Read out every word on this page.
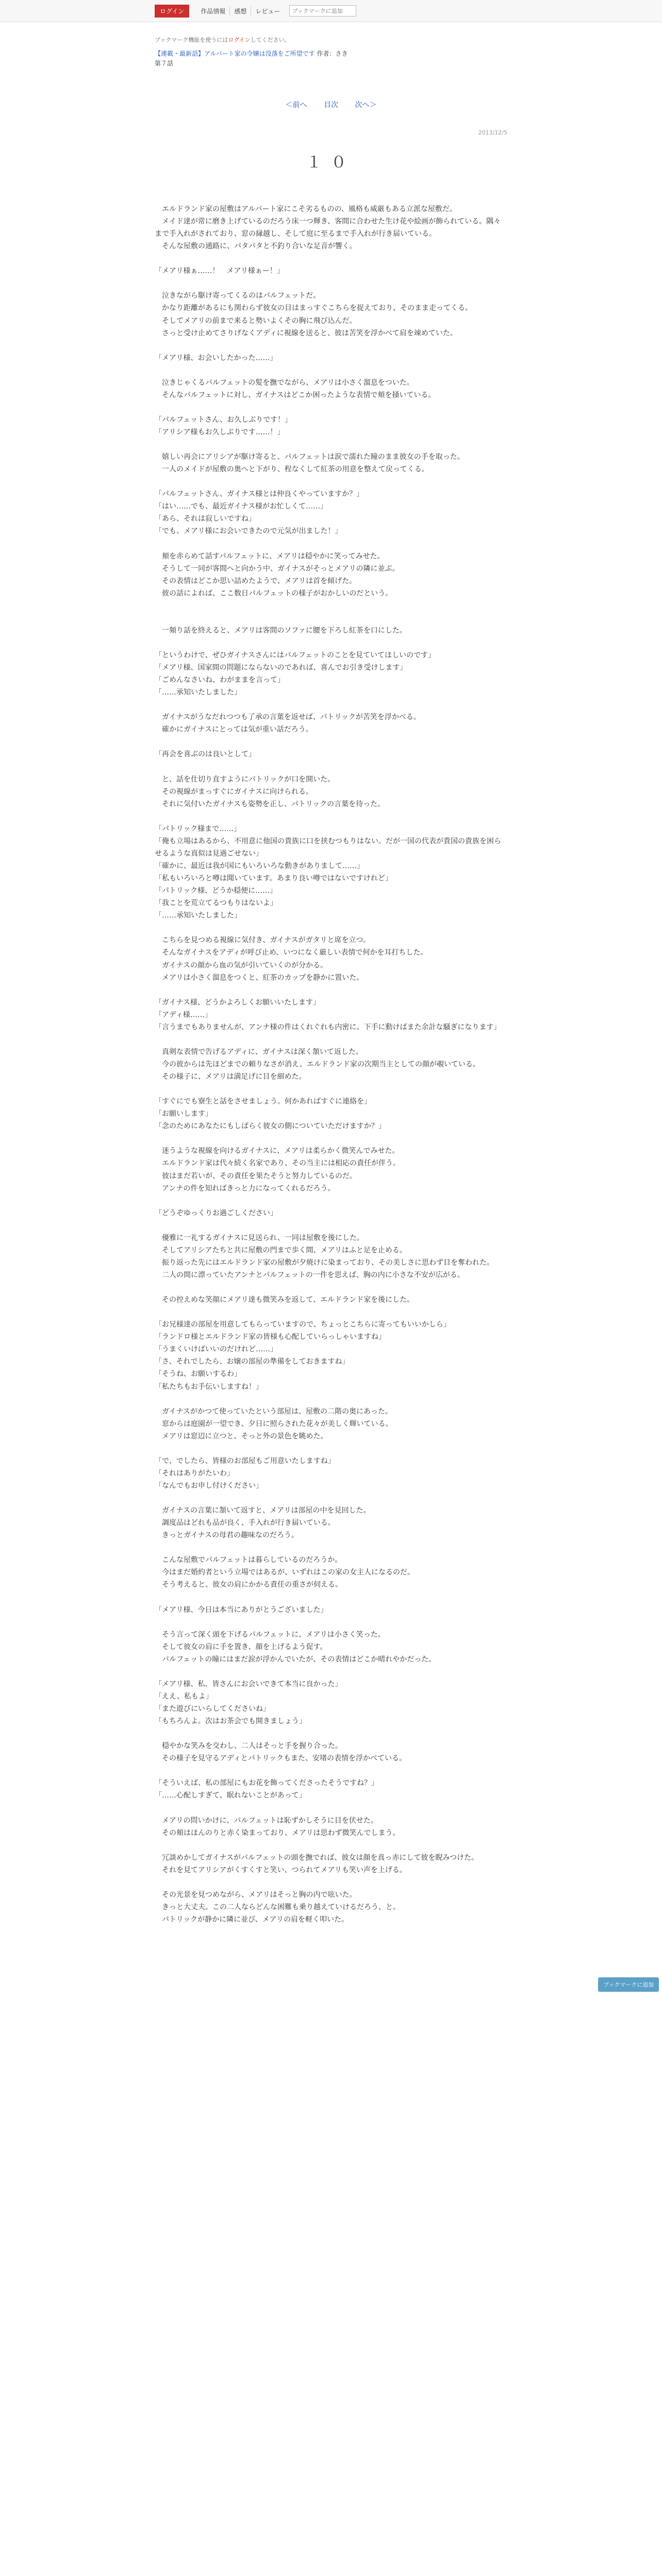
ログイン	作品情報	感想	レビュー
ブックマークに追加
ブックマーク機能を使うにはログインしてください。
【連載・最新話】アルバート家の令嬢は没落をご所望です 作者：さき
第７話
＜前へ 目次 次へ＞
2013/12/5
１０

　エルドランド家の屋敷はアルバート家にこそ劣るものの、風格も威厳もある立派な屋敷だ。

　メイド達が常に磨き上げているのだろう床一つ輝き、客間に合わせた生け花や絵画が飾られている。隅々まで手入れがされており、窓の縁越し、そして庭に至るまで手入れが行き届いている。

　そんな屋敷の通路に、パタパタと不釣り合いな足音が響く。

「メアリ様ぁ……！　メアリ様ぁー！」

　泣きながら駆け寄ってくるのはパルフェットだ。

　かなり距離があるにも関わらず彼女の目はまっすぐこちらを捉えており、そのまま走ってくる。

　そしてメアリの前まで来ると勢いよくその胸に飛び込んだ。

　さっと受け止めてさりげなくアディに視線を送ると、彼は苦笑を浮かべて肩を竦めていた。

「メアリ様、お会いしたかった……」

　泣きじゃくるパルフェットの髪を撫でながら、メアリは小さく溜息をついた。

　そんなパルフェットに対し、ガイナスはどこか困ったような表情で頬を掻いている。

「パルフェットさん、お久しぶりです！」

「アリシア様もお久しぶりです……！」

　嬉しい再会にアリシアが駆け寄ると、パルフェットは涙で濡れた瞳のまま彼女の手を取った。

　一人のメイドが屋敷の奥へと下がり、程なくして紅茶の用意を整えて戻ってくる。

「パルフェットさん、ガイナス様とは仲良くやっていますか？」

「はい……でも、最近ガイナス様がお忙しくて……」

「あら、それは寂しいですね」

「でも、メアリ様にお会いできたので元気が出ました！」

　頬を赤らめて話すパルフェットに、メアリは穏やかに笑ってみせた。

　そうして一同が客間へと向かう中、ガイナスがそっとメアリの隣に並ぶ。

　その表情はどこか思い詰めたようで、メアリは首を傾げた。

　彼の話によれば、ここ数日パルフェットの様子がおかしいのだという。

　一頻り話を終えると、メアリは客間のソファに腰を下ろし紅茶を口にした。

「というわけで、ぜひガイナスさんにはパルフェットのことを見ていてほしいのです」

「メアリ様、国家間の問題にならないのであれば、喜んでお引き受けします」

「ごめんなさいね、わがままを言って」

「……承知いたしました」

　ガイナスがうなだれつつも了承の言葉を返せば、パトリックが苦笑を浮かべる。

　確かにガイナスにとっては気が重い話だろう。

「再会を喜ぶのは良いとして」

　と、話を仕切り直すようにパトリックが口を開いた。

　その視線がまっすぐにガイナスに向けられる。

　それに気付いたガイナスも姿勢を正し、パトリックの言葉を待った。

「パトリック様まで……」

「俺も立場はあるから、不用意に他国の貴族に口を挟むつもりはない。だが一国の代表が貴国の貴族を困らせるような真似は見過ごせない」

「確かに、最近は我が国にもいろいろな動きがありまして……」

「私もいろいろと噂は聞いています。あまり良い噂ではないですけれど」

「パトリック様、どうか穏便に……」

「我ことを荒立てるつもりはないよ」

「……承知いたしました」

　こちらを見つめる視線に気付き、ガイナスがガタリと席を立つ。

　そんなガイナスをアディが呼び止め、いつになく厳しい表情で何かを耳打ちした。

　ガイナスの顔から血の気が引いていくのが分かる。

　メアリは小さく溜息をつくと、紅茶のカップを静かに置いた。

「ガイナス様、どうかよろしくお願いいたします」

「アディ様……」

「言うまでもありませんが、アンナ様の件はくれぐれも内密に。下手に動けばまた余計な騒ぎになります」

　真剣な表情で告げるアディに、ガイナスは深く頷いて返した。

　今の彼からは先ほどまでの頼りなさが消え、エルドランド家の次期当主としての顔が覗いている。

　その様子に、メアリは満足げに目を細めた。

「すぐにでも寮生と話をさせましょう。何かあればすぐに連絡を」

「お願いします」

「念のためにあなたにもしばらく彼女の側についていただけますか？」

　迷うような視線を向けるガイナスに、メアリは柔らかく微笑んでみせた。

　エルドランド家は代々続く名家であり、その当主には相応の責任が伴う。

　彼はまだ若いが、その責任を果たそうと努力しているのだ。

　アンナの件を知ればきっと力になってくれるだろう。

「どうぞゆっくりお過ごしください」

　優雅に一礼するガイナスに見送られ、一同は屋敷を後にした。

　そしてアリシアたちと共に屋敷の門まで歩く間、メアリはふと足を止める。

　振り返った先にはエルドランド家の屋敷が夕焼けに染まっており、その美しさに思わず目を奪われた。

　二人の間に漂っていたアンナとパルフェットの一件を思えば、胸の内に小さな不安が広がる。

　その控えめな笑顔にメアリ達も微笑みを返して、エルドランド家を後にした。

「お兄様達の部屋を用意してもらっていますので、ちょっとこちらに寄ってもいいかしら」

「ランドロ様とエルドランド家の皆様も心配していらっしゃいますね」

「うまくいけばいいのだけれど……」

「さ、それでしたら、お嬢の部屋の準備をしておきますね」

「そうね、お願いするわ」

「私たちもお手伝いしますね！」

　ガイナスがかつて使っていたという部屋は、屋敷の二階の奥にあった。

　窓からは庭園が一望でき、夕日に照らされた花々が美しく輝いている。

　メアリは窓辺に立つと、そっと外の景色を眺めた。

「で、でしたら、皆様のお部屋もご用意いたしますね」

「それはありがたいわ」

「なんでもお申し付けください」

　ガイナスの言葉に頷いて返すと、メアリは部屋の中を見回した。

　調度品はどれも品が良く、手入れが行き届いている。

　きっとガイナスの母君の趣味なのだろう。

　こんな屋敷でパルフェットは暮らしているのだろうか。

　今はまだ婚約者という立場ではあるが、いずれはこの家の女主人になるのだ。

　そう考えると、彼女の肩にかかる責任の重さが伺える。

「メアリ様、今日は本当にありがとうございました」

　そう言って深く頭を下げるパルフェットに、メアリは小さく笑った。

　そして彼女の肩に手を置き、顔を上げるよう促す。

　パルフェットの瞳にはまだ涙が浮かんでいたが、その表情はどこか晴れやかだった。

「メアリ様、私、皆さんにお会いできて本当に良かった」

「ええ、私もよ」

「また遊びにいらしてくださいね」

「もちろんよ。次はお茶会でも開きましょう」

　穏やかな笑みを交わし、二人はそっと手を握り合った。

　その様子を見守るアディとパトリックもまた、安堵の表情を浮かべている。

「そういえば、私の部屋にもお花を飾ってくださったそうですね？」

「……心配しすぎて、眠れないことがあって」

　メアリの問いかけに、パルフェットは恥ずかしそうに目を伏せた。

　その頬はほんのりと赤く染まっており、メアリは思わず微笑んでしまう。

　冗談めかしてガイナスがパルフェットの頭を撫でれば、彼女は顔を真っ赤にして彼を睨みつけた。

　それを見てアリシアがくすくすと笑い、つられてメアリも笑い声を上げる。

　その光景を見つめながら、メアリはそっと胸の内で呟いた。

　きっと大丈夫。この二人ならどんな困難も乗り越えていけるだろう、と。

　パトリックが静かに隣に並び、メアリの肩を軽く叩いた。

ブックマークに追加
